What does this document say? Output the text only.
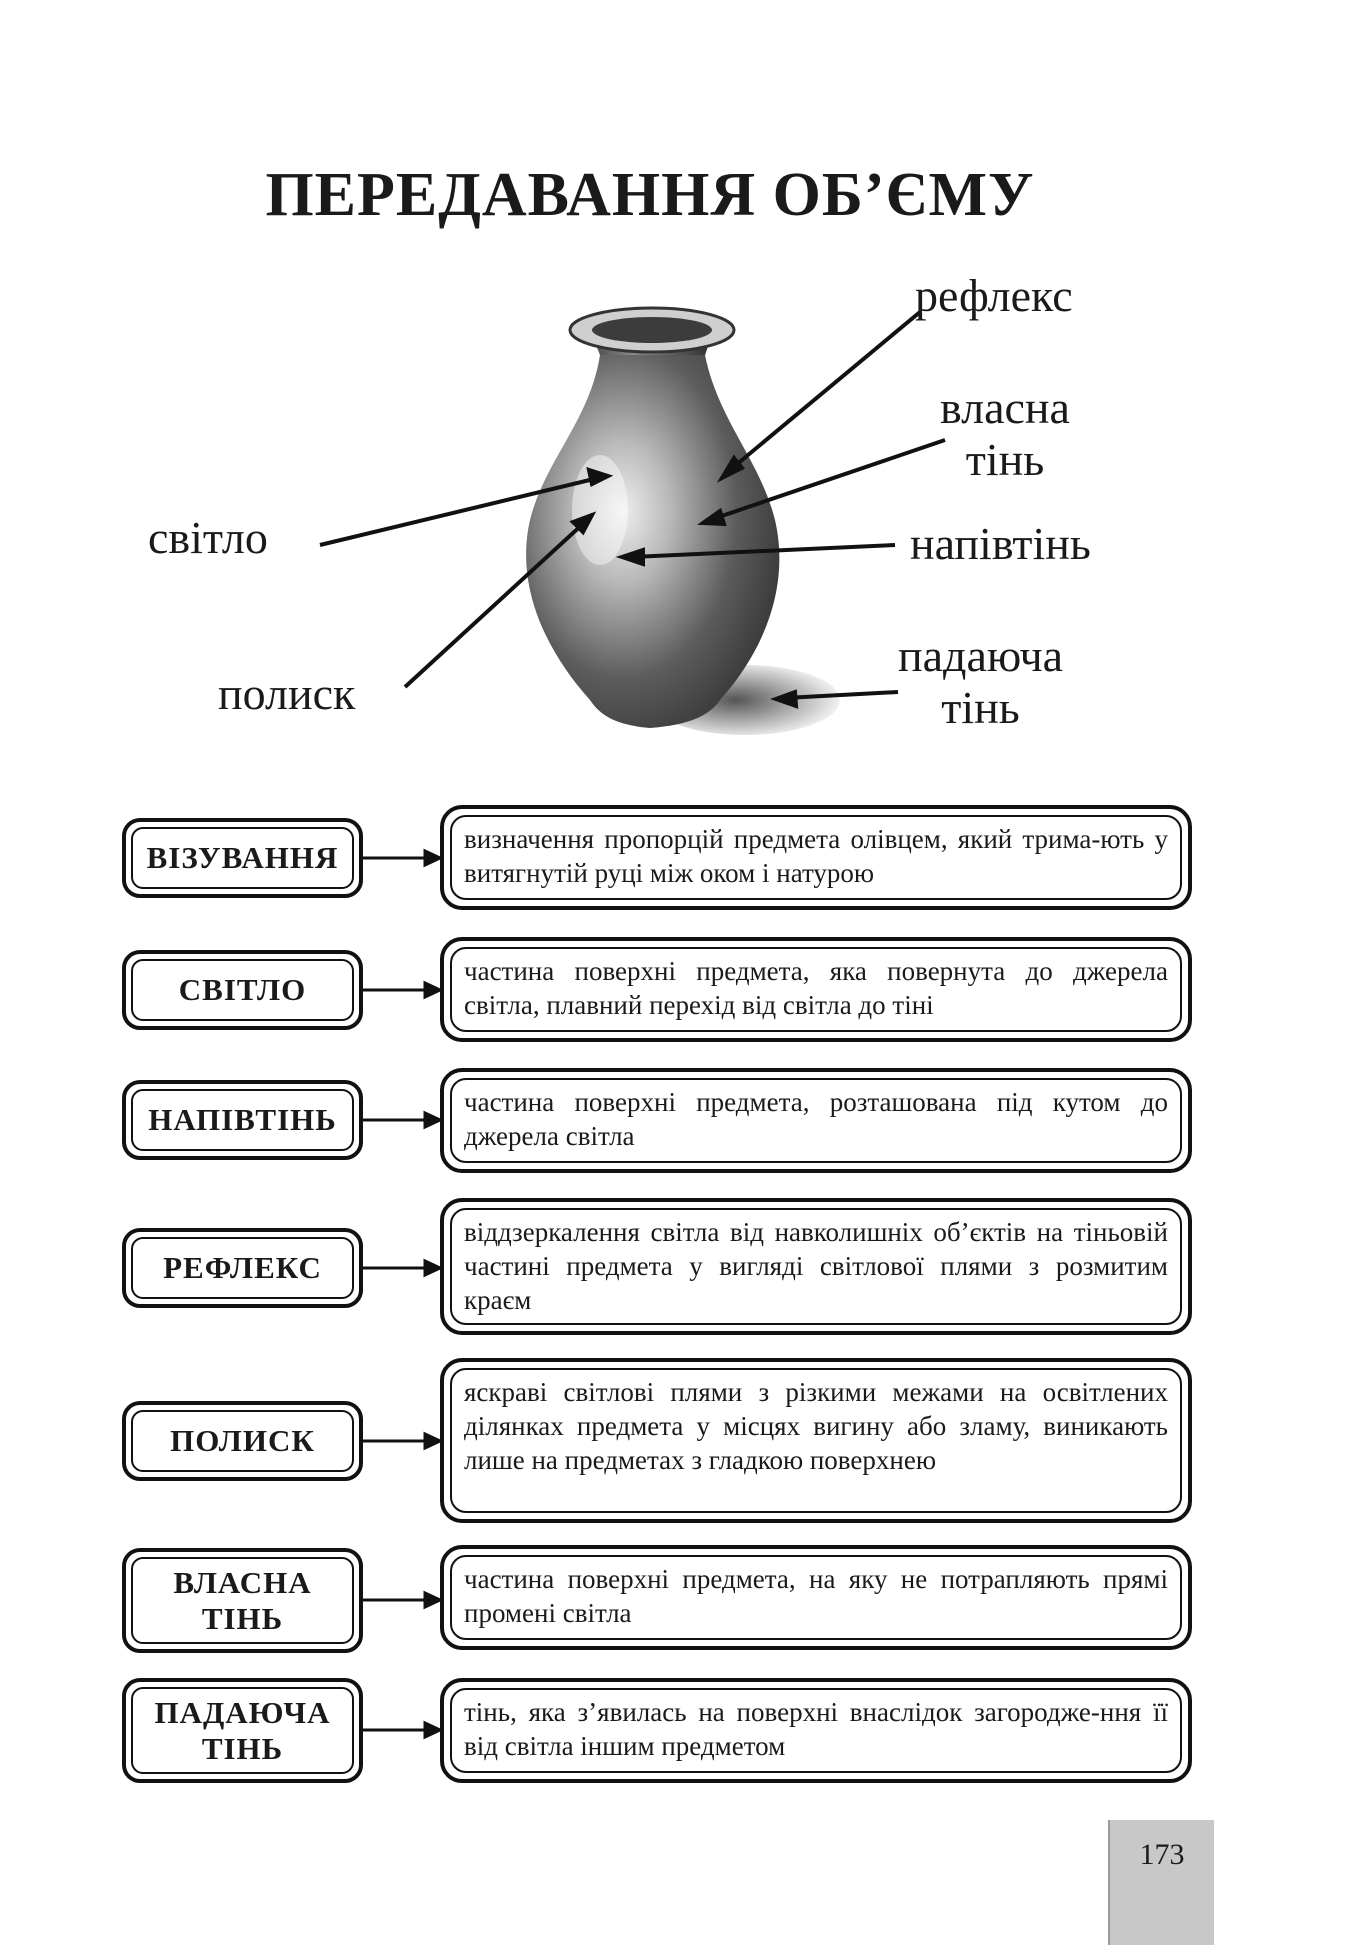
ПЕРЕДАВАННЯ ОБ’ЄМУ
рефлекс
власна
тінь
світло	напівтінь
полиск
падаюча
тінь
ВІЗУВАННЯ
визначення пропорцій предмета олівцем, який трима-ють у витягнутій руці між оком і натурою
СВІТЛО
частина поверхні предмета, яка повернута до джерела світла, плавний перехід від світла до тіні
НАПІВТІНЬ	частина поверхні предмета, розташована під кутом до джерела світла
РЕФЛЕКС
віддзеркалення світла від навколишніх об’єктів на тіньовій частині предмета у вигляді світлової плями з розмитим краєм
ПОЛИСК
яскраві світлові плями з різкими межами на освітлених ділянках предмета у місцях вигину або зламу, виникають лише на предметах з гладкою поверхнею
ВЛАСНА
ТІНЬ
частина поверхні предмета, на яку не потрапляють прямі промені світла
ПАДАЮЧА
ТІНЬ
тінь, яка з’явилась на поверхні внаслідок загородже-ння її від світла іншим предметом
173
